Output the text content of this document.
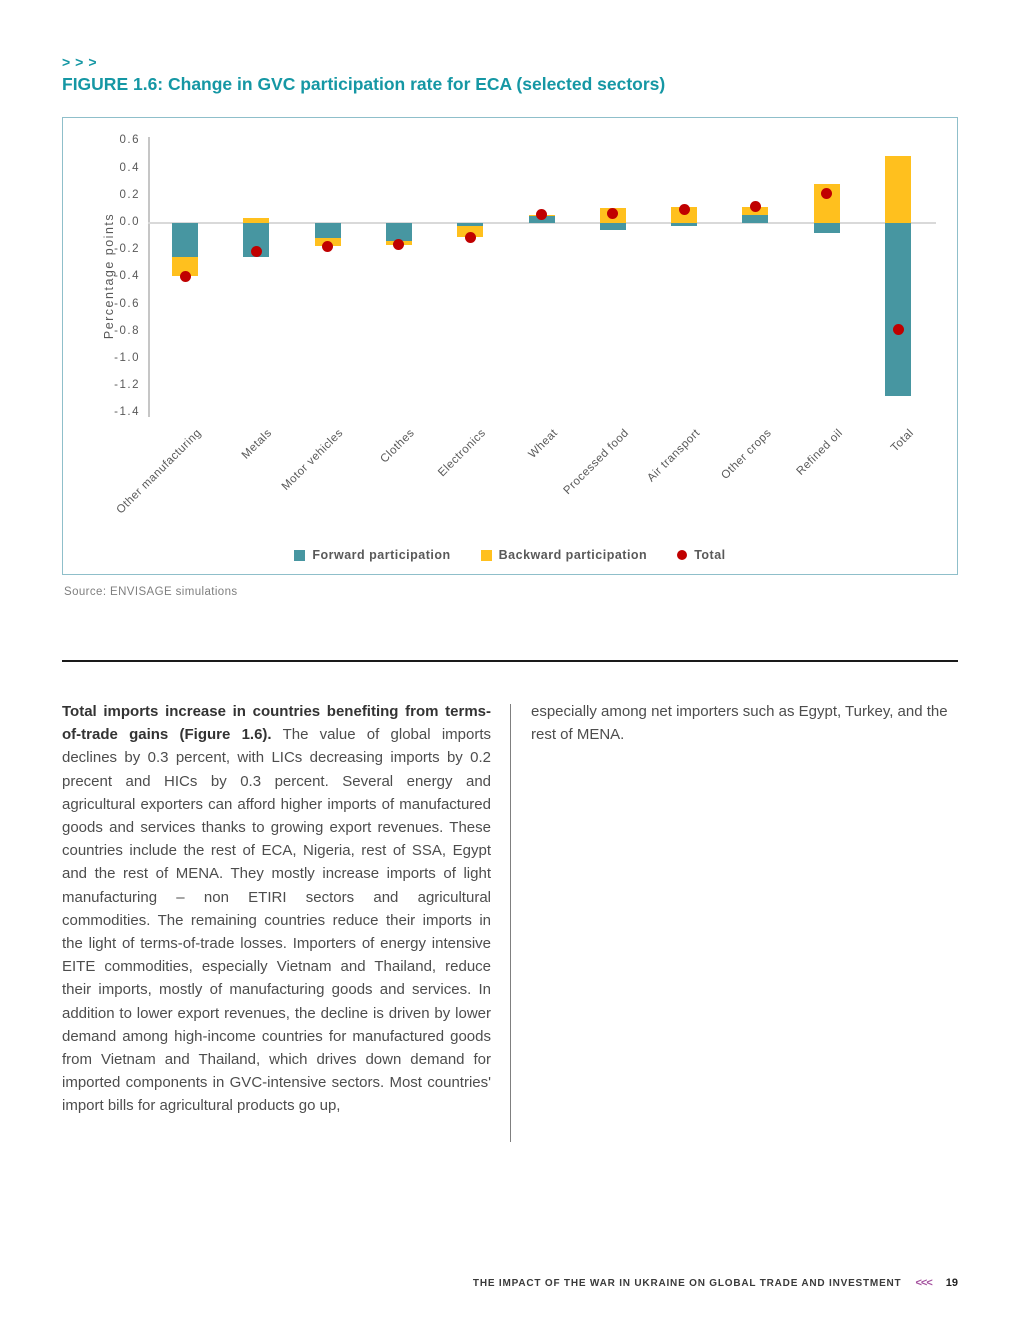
>>>
FIGURE 1.6: Change in GVC participation rate for ECA (selected sectors)
Percentage points
0.6
0.4
0.2
0.0
-0.2
-0.4
-0.6
-0.8
-1.0
-1.2
-1.4
Other manufacturing	Metals Motor vehicles	Clothes Electronics	Wheat Processed food Air transport Other crops Refined oil	Total
Forward participation	Backward participation	Total
Source: ENVISAGE simulations
Total imports increase in countries benefiting from terms-of-trade gains (Figure 1.6). The value of global imports declines by 0.3 percent, with LICs decreasing imports by 0.2 precent and HICs by 0.3 percent. Several energy and agricultural exporters can afford higher imports of manufactured goods and services thanks to growing export revenues. These countries include the rest of ECA, Nigeria, rest of SSA, Egypt and the rest of MENA. They mostly increase imports of light manufacturing – non ETIRI sectors and agricultural commodities. The remaining countries reduce their imports in the light of terms-of-trade losses. Importers of energy intensive EITE commodities, especially Vietnam and Thailand, reduce their imports, mostly of manufacturing goods and services. In addition to lower export revenues, the decline is driven by lower demand among high-income countries for manufactured goods from Vietnam and Thailand, which drives down demand for imported components in GVC-intensive sectors. Most countries' import bills for agricultural products go up,
especially among net importers such as Egypt, Turkey, and the rest of MENA.
THE IMPACT OF THE WAR IN UKRAINE ON GLOBAL TRADE AND INVESTMENT <<< 19
